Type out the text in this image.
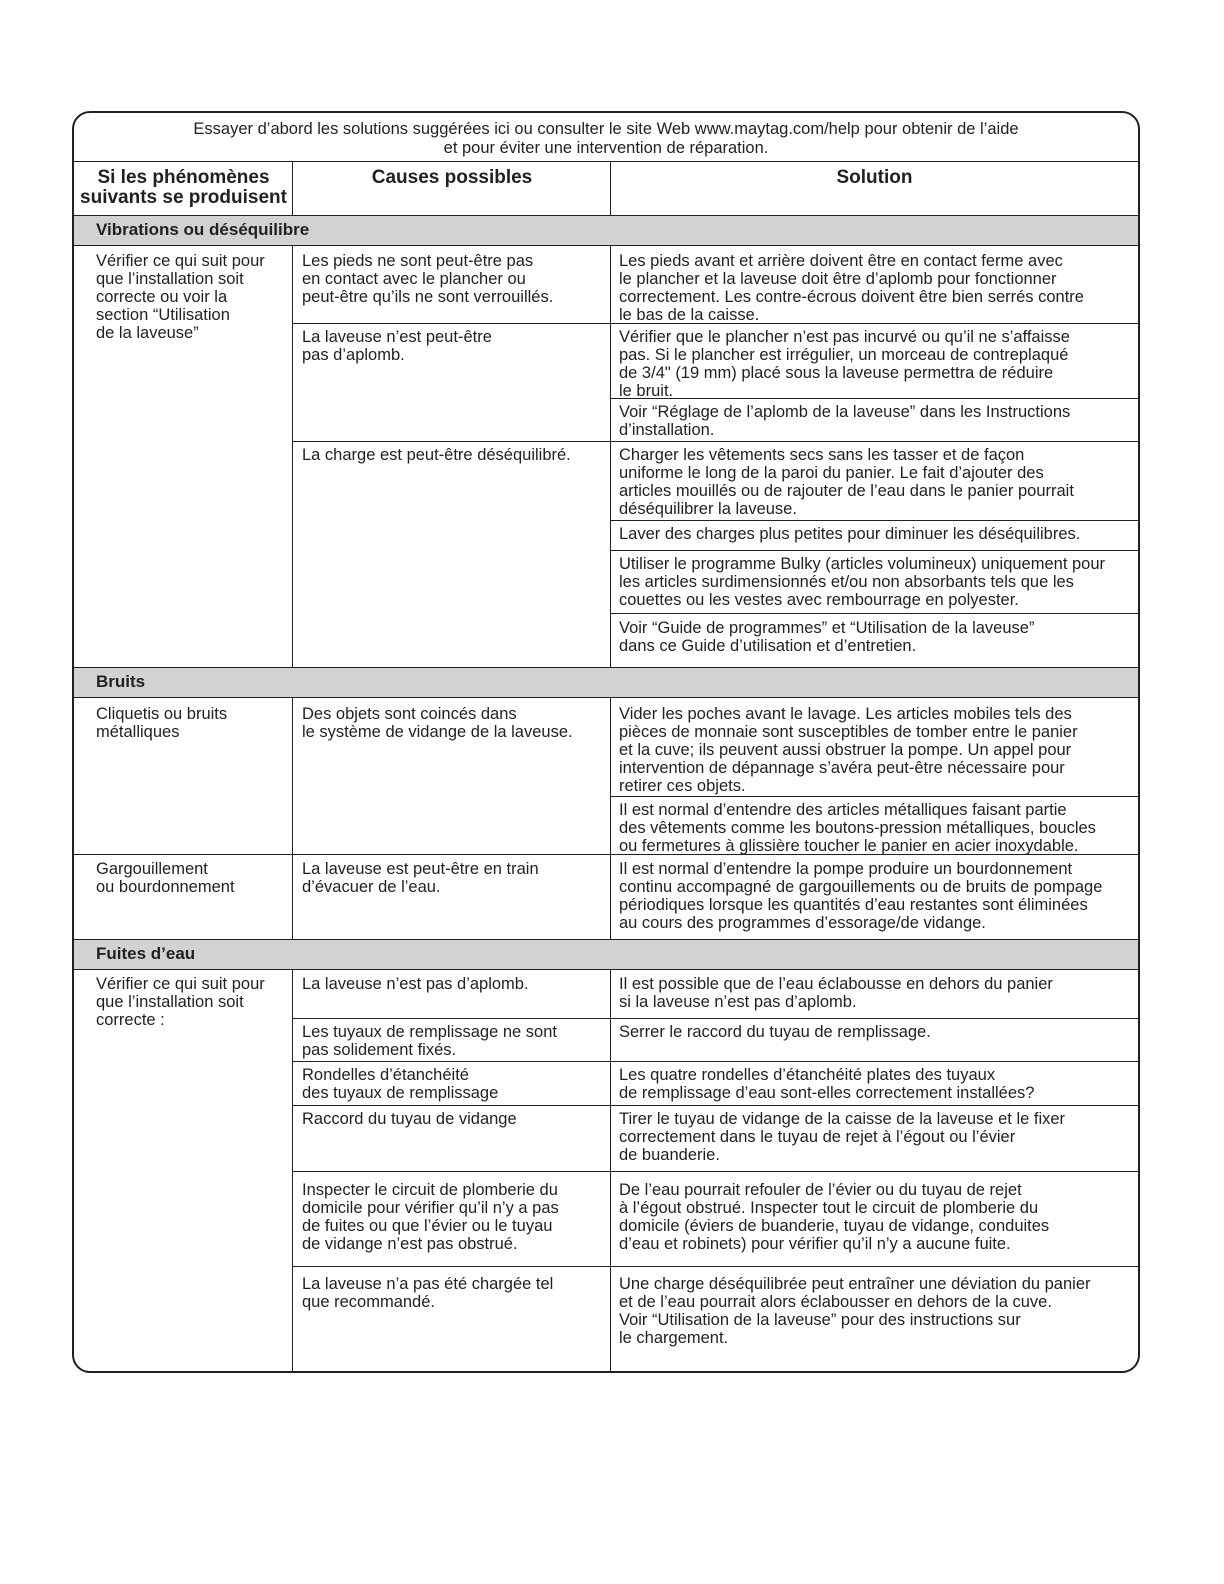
Essayer d’abord les solutions suggérées ici ou consulter le site Web www.maytag.com/help pour obtenir de l’aide
et pour éviter une intervention de réparation.
Si les phénomènes
suivants se produisent
Causes possibles	Solution
Vibrations ou déséquilibre
Vérifier ce qui suit pour
que l’installation soit
correcte ou voir la
section “Utilisation
de la laveuse”
Les pieds ne sont peut-être pas
en contact avec le plancher ou
peut-être qu’ils ne sont verrouillés.
La laveuse n’est peut-être
pas d’aplomb.
La charge est peut-être déséquilibré.
Les pieds avant et arrière doivent être en contact ferme avec
le plancher et la laveuse doit être d’aplomb pour fonctionner
correctement. Les contre-écrous doivent être bien serrés contre
le bas de la caisse.
Vérifier que le plancher n’est pas incurvé ou qu’il ne s’affaisse
pas. Si le plancher est irrégulier, un morceau de contreplaqué
de 3/4" (19 mm) placé sous la laveuse permettra de réduire
le bruit.
Voir “Réglage de l’aplomb de la laveuse” dans les Instructions
d’installation.
Charger les vêtements secs sans les tasser et de façon
uniforme le long de la paroi du panier. Le fait d’ajouter des
articles mouillés ou de rajouter de l’eau dans le panier pourrait
déséquilibrer la laveuse.
Laver des charges plus petites pour diminuer les déséquilibres.
Utiliser le programme Bulky (articles volumineux) uniquement pour
les articles surdimensionnés et/ou non absorbants tels que les
couettes ou les vestes avec rembourrage en polyester.
Voir “Guide de programmes” et “Utilisation de la laveuse”
dans ce Guide d’utilisation et d’entretien.
Bruits
Cliquetis ou bruits
métalliques
Gargouillement
ou bourdonnement
Des objets sont coincés dans
le système de vidange de la laveuse.
La laveuse est peut-être en train
d’évacuer de l’eau.
Vider les poches avant le lavage. Les articles mobiles tels des
pièces de monnaie sont susceptibles de tomber entre le panier
et la cuve; ils peuvent aussi obstruer la pompe. Un appel pour
intervention de dépannage s’avéra peut-être nécessaire pour
retirer ces objets.
Il est normal d’entendre des articles métalliques faisant partie
des vêtements comme les boutons-pression métalliques, boucles
ou fermetures à glissière toucher le panier en acier inoxydable.
Il est normal d’entendre la pompe produire un bourdonnement
continu accompagné de gargouillements ou de bruits de pompage
périodiques lorsque les quantités d’eau restantes sont éliminées
au cours des programmes d’essorage/de vidange.
Fuites d’eau
Vérifier ce qui suit pour
que l’installation soit
correcte :
La laveuse n’est pas d’aplomb.
Les tuyaux de remplissage ne sont
pas solidement fixés.
Rondelles d’étanchéité
des tuyaux de remplissage
Raccord du tuyau de vidange
Inspecter le circuit de plomberie du
domicile pour vérifier qu’il n’y a pas
de fuites ou que l’évier ou le tuyau
de vidange n’est pas obstrué.
La laveuse n’a pas été chargée tel
que recommandé.
Il est possible que de l’eau éclabousse en dehors du panier
si la laveuse n’est pas d’aplomb.
Serrer le raccord du tuyau de remplissage.
Les quatre rondelles d’étanchéité plates des tuyaux
de remplissage d’eau sont-elles correctement installées?
Tirer le tuyau de vidange de la caisse de la laveuse et le fixer
correctement dans le tuyau de rejet à l’égout ou l’évier
de buanderie.
De l’eau pourrait refouler de l’évier ou du tuyau de rejet
à l’égout obstrué. Inspecter tout le circuit de plomberie du
domicile (éviers de buanderie, tuyau de vidange, conduites
d’eau et robinets) pour vérifier qu’il n’y a aucune fuite.
Une charge déséquilibrée peut entraîner une déviation du panier
et de l’eau pourrait alors éclabousser en dehors de la cuve.
Voir “Utilisation de la laveuse” pour des instructions sur
le chargement.
